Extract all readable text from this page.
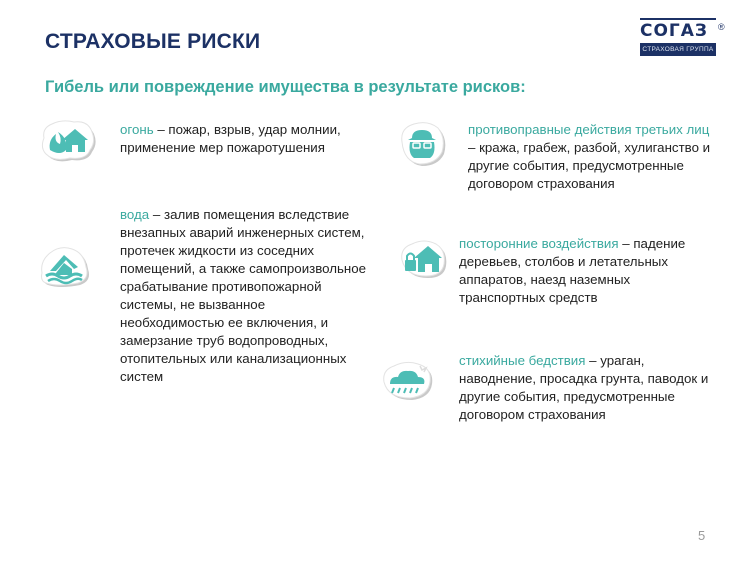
СТРАХОВЫЕ РИСКИ
Гибель или повреждение имущества в результате рисков:
СОГАЗ	®
СТРАХОВАЯ ГРУППА
огонь – пожар, взрыв, удар молнии, применение мер пожаротушения
вода – залив помещения вследствие внезапных аварий инженерных систем, протечек жидкости из соседних помещений, а также самопроизвольное срабатывание противопожарной системы, не вызванное необходимостью ее включения, и замерзание труб водопроводных, отопительных или канализационных систем
противоправные действия третьих лиц – кража, грабеж, разбой, хулиганство и другие события, предусмотренные договором страхования
посторонние воздействия – падение деревьев, столбов и летательных аппаратов, наезд наземных транспортных средств
стихийные бедствия – ураган, наводнение, просадка грунта, паводок и другие события, предусмотренные договором страхования
5
